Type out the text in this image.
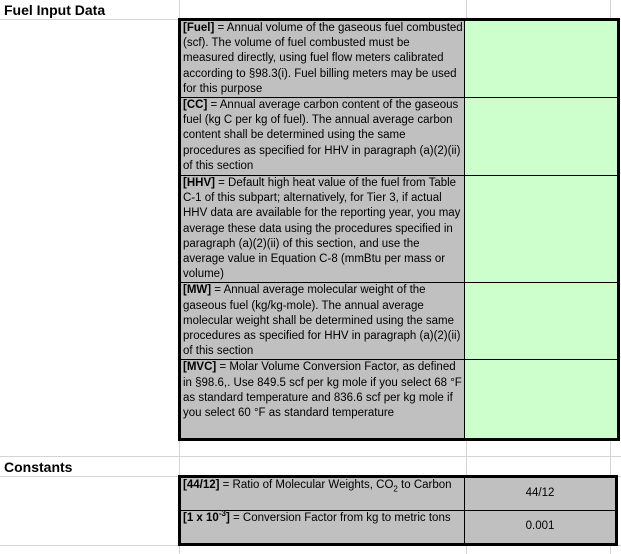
Fuel Input Data
[Fuel] = Annual volume of the gaseous fuel combusted (scf). The volume of fuel combusted must be measured directly, using fuel flow meters calibrated according to §98.3(i). Fuel billing meters may be used for this purpose	
[CC] = Annual average carbon content of the gaseous fuel (kg C per kg of fuel). The annual average carbon content shall be determined using the same procedures as specified for HHV in paragraph (a)(2)(ii) of this section	
[HHV] = Default high heat value of the fuel from Table C-1 of this subpart; alternatively, for Tier 3, if actual HHV data are available for the reporting year, you may average these data using the procedures specified in paragraph (a)(2)(ii) of this section, and use the average value in Equation C-8 (mmBtu per mass or volume)	
[MW] = Annual average molecular weight of the gaseous fuel (kg/kg-mole). The annual average molecular weight shall be determined using the same procedures as specified for HHV in paragraph (a)(2)(ii) of this section	
[MVC] = Molar Volume Conversion Factor, as defined in §98.6,. Use 849.5 scf per kg mole if you select 68 °F as standard temperature and 836.6 scf per kg mole if you select 60 °F as standard temperature	
Constants
[44/12] = Ratio of Molecular Weights, $CO_2$ to Carbon	44/12
[1 x $10^{-3}$] = Conversion Factor from kg to metric tons	0.001
